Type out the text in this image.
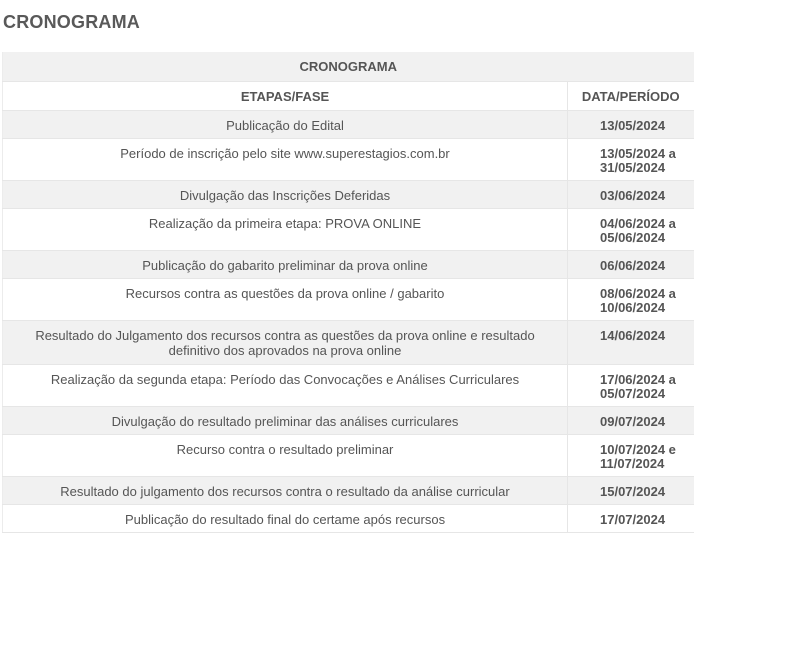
CRONOGRAMA
CRONOGRAMA	
ETAPAS/FASE	DATA/PERÍODO
Publicação do Edital	13/05/2024
Período de inscrição pelo site www.superestagios.com.br	13/05/2024 a
31/05/2024
Divulgação das Inscrições Deferidas	03/06/2024
Realização da primeira etapa: PROVA ONLINE	04/06/2024 a
05/06/2024
Publicação do gabarito preliminar da prova online	06/06/2024
Recursos contra as questões da prova online / gabarito	08/06/2024 a
10/06/2024
Resultado do Julgamento dos recursos contra as questões da prova online e resultado
definitivo dos aprovados na prova online	14/06/2024
Realização da segunda etapa: Período das Convocações e Análises Curriculares	17/06/2024 a
05/07/2024
Divulgação do resultado preliminar das análises curriculares	09/07/2024
Recurso contra o resultado preliminar	10/07/2024 e
11/07/2024
Resultado do julgamento dos recursos contra o resultado da análise curricular	15/07/2024
Publicação do resultado final do certame após recursos	17/07/2024
